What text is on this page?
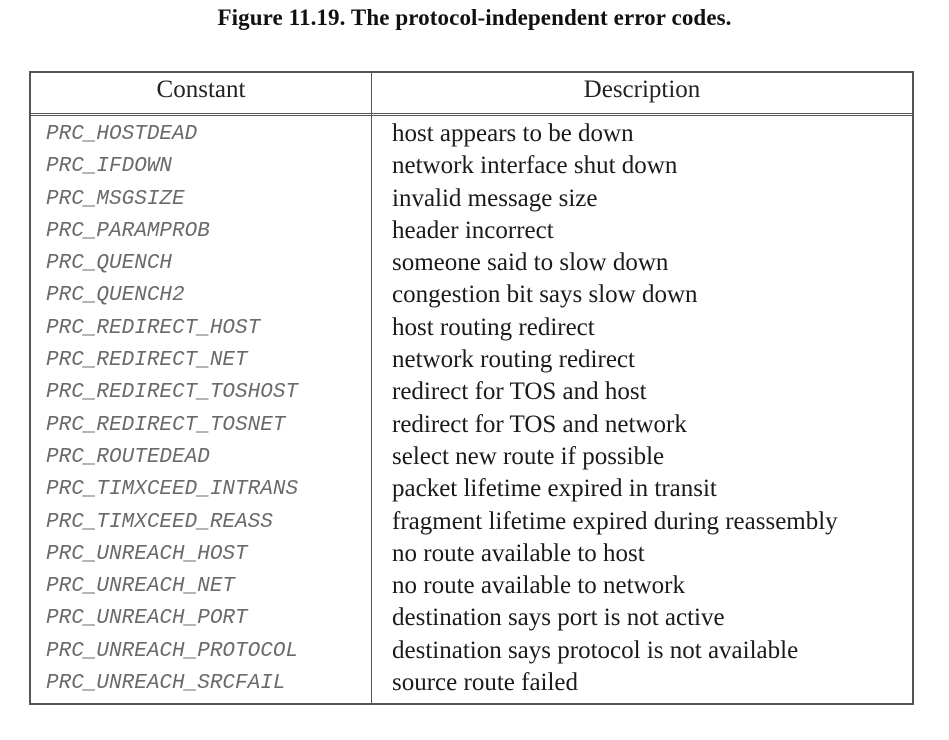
Figure 11.19. The protocol-independent error codes.
Constant	Description
PRC_HOSTDEAD	host appears to be down
PRC_IFDOWN	network interface shut down
PRC_MSGSIZE	invalid message size
PRC_PARAMPROB	header incorrect
PRC_QUENCH	someone said to slow down
PRC_QUENCH2	congestion bit says slow down
PRC_REDIRECT_HOST	host routing redirect
PRC_REDIRECT_NET	network routing redirect
PRC_REDIRECT_TOSHOST	redirect for TOS and host
PRC_REDIRECT_TOSNET	redirect for TOS and network
PRC_ROUTEDEAD	select new route if possible
PRC_TIMXCEED_INTRANS	packet lifetime expired in transit
PRC_TIMXCEED_REASS	fragment lifetime expired during reassembly
PRC_UNREACH_HOST	no route available to host
PRC_UNREACH_NET	no route available to network
PRC_UNREACH_PORT	destination says port is not active
PRC_UNREACH_PROTOCOL	destination says protocol is not available
PRC_UNREACH_SRCFAIL	source route failed
